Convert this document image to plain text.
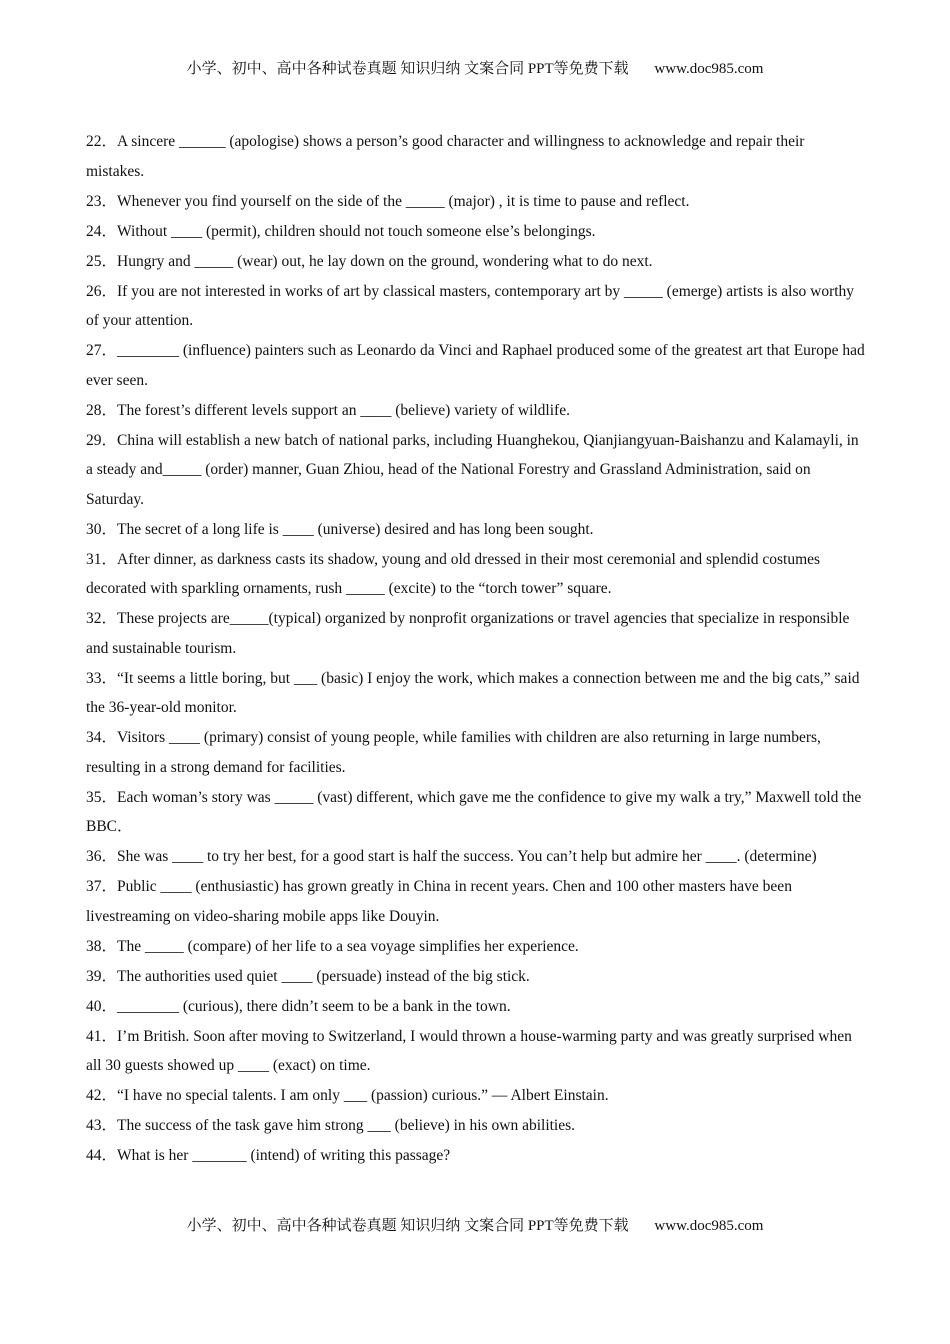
小学、初中、高中各种试卷真题 知识归纳 文案合同 PPT等免费下载 www.doc985.com

22．A sincere ______ (apologise) shows a person’s good character and willingness to acknowledge and repair their mistakes.

23．Whenever you find yourself on the side of the _____ (major) , it is time to pause and reflect.

24．Without ____ (permit), children should not touch someone else’s belongings.

25．Hungry and _____ (wear) out, he lay down on the ground, wondering what to do next.

26．If you are not interested in works of art by classical masters, contemporary art by _____ (emerge) artists is also worthy of your attention.

27．________ (influence) painters such as Leonardo da Vinci and Raphael produced some of the greatest art that Europe had ever seen.

28．The forest’s different levels support an ____ (believe) variety of wildlife.

29．China will establish a new batch of national parks, including Huanghekou, Qianjiangyuan-Baishanzu and Kalamayli, in a steady and_____ (order) manner, Guan Zhiou, head of the National Forestry and Grassland Administration, said on Saturday.

30．The secret of a long life is ____ (universe) desired and has long been sought.

31．After dinner, as darkness casts its shadow, young and old dressed in their most ceremonial and splendid costumes decorated with sparkling ornaments, rush _____ (excite) to the “torch tower” square.

32．These projects are_____(typical) organized by nonprofit organizations or travel agencies that specialize in responsible and sustainable tourism.

33．“It seems a little boring, but ___ (basic) I enjoy the work, which makes a connection between me and the big cats,” said the 36-year-old monitor.

34．Visitors ____ (primary) consist of young people, while families with children are also returning in large numbers, resulting in a strong demand for facilities.

35．Each woman’s story was _____ (vast) different, which gave me the confidence to give my walk a try,” Maxwell told the BBC．

36．She was ____ to try her best, for a good start is half the success. You can’t help but admire her ____. (determine)

37．Public ____ (enthusiastic) has grown greatly in China in recent years. Chen and 100 other masters have been livestreaming on video-sharing mobile apps like Douyin.

38．The _____ (compare) of her life to a sea voyage simplifies her experience.

39．The authorities used quiet ____ (persuade) instead of the big stick.

40．________ (curious), there didn’t seem to be a bank in the town.

41．I’m British. Soon after moving to Switzerland, I would thrown a house-warming party and was greatly surprised when all 30 guests showed up ____ (exact) on time.

42．“I have no special talents. I am only ___ (passion) curious.” — Albert Einstain.

43．The success of the task gave him strong ___ (believe) in his own abilities.

44．What is her _______ (intend) of writing this passage?

小学、初中、高中各种试卷真题 知识归纳 文案合同 PPT等免费下载 www.doc985.com
